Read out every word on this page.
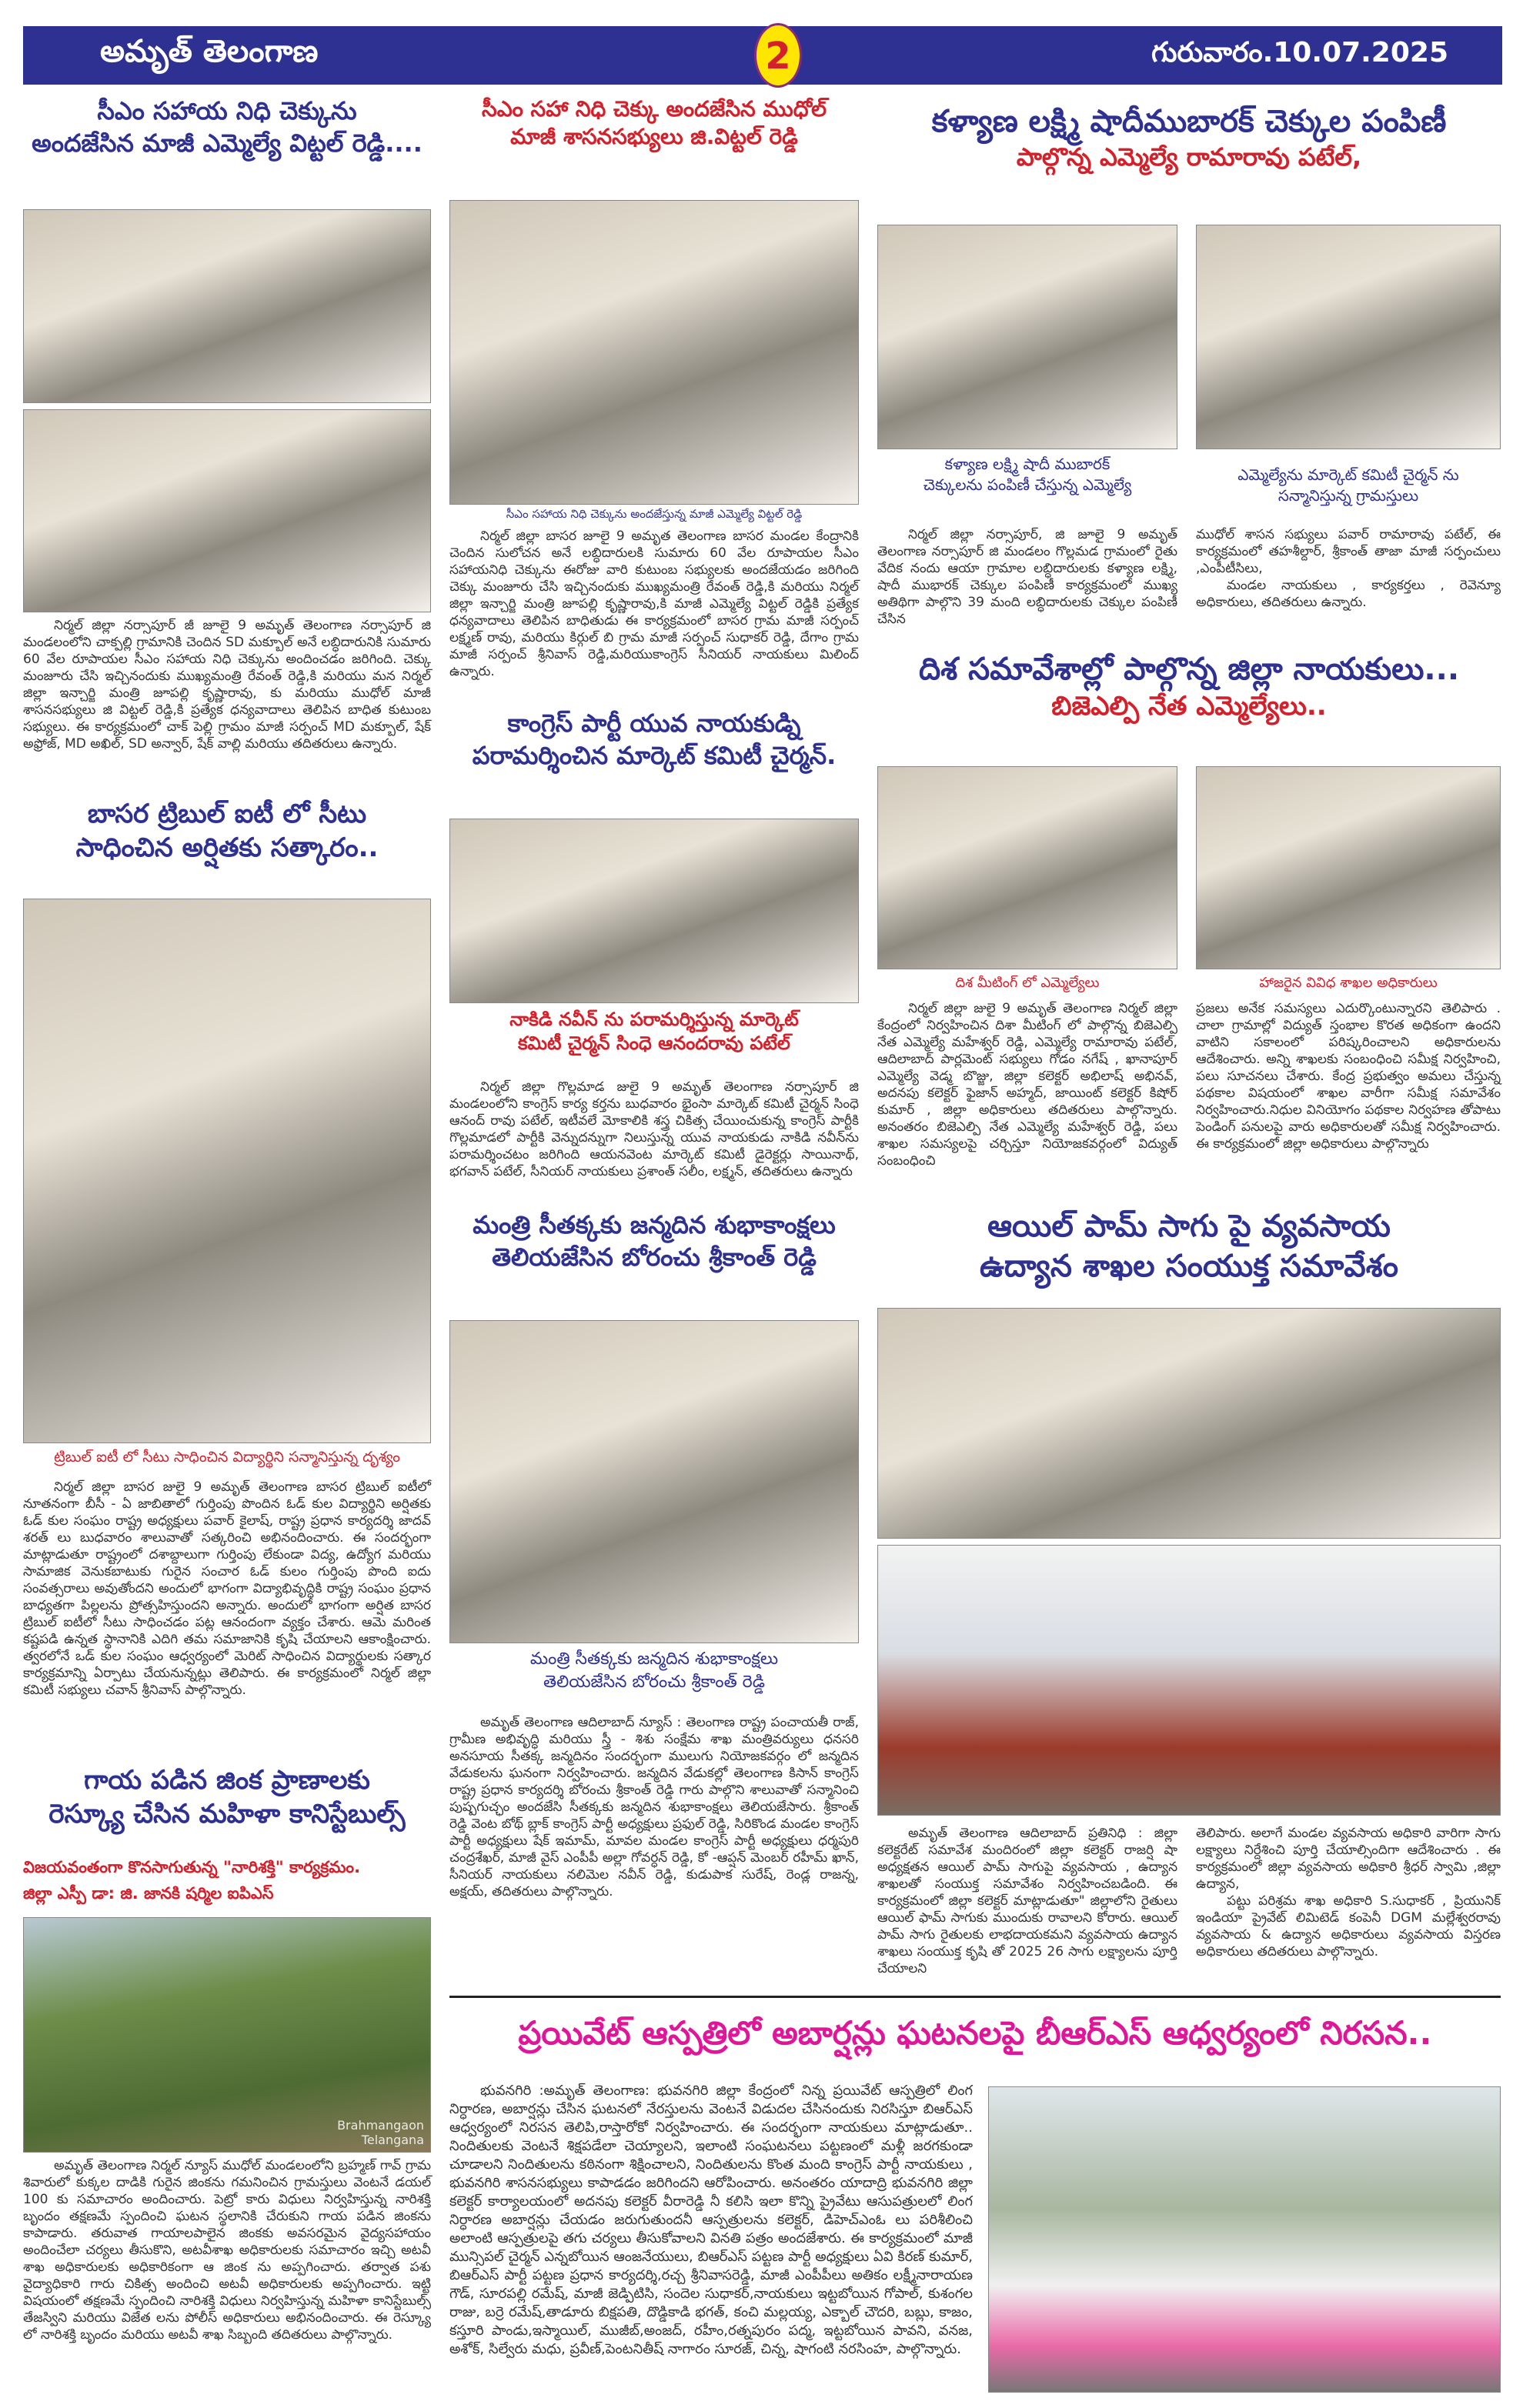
అమృత్ తెలంగాణ	2	గురువారం.10.07.2025
సీఎం సహాయ నిధి చెక్కును
అందజేసిన మాజీ ఎమ్మెల్యే విట్టల్ రెడ్డి....
నిర్మల్ జిల్లా నర్సాపూర్ జీ జూలై 9 అమృత్ తెలంగాణ నర్సాపూర్ జి మండలంలోని చాక్పల్లి గ్రామానికి చెందిన SD మక్బూల్ అనే లబ్ధిదారునికి సుమారు 60 వేల రూపాయల సీఎం సహాయ నిధి చెక్కును అందించడం జరిగింది. చెక్కు మంజూరు చేసి ఇచ్చినందుకు ముఖ్యమంత్రి రేవంత్ రెడ్డి,కి మరియు మన నిర్మల్ జిల్లా ఇన్చార్జి మంత్రి జూపల్లి కృష్ణారావు, కు మరియు ముధోల్ మాజీ శాసనసభ్యులు జి విట్టల్ రెడ్డి,కి ప్రత్యేక ధన్యవాదాలు తెలిపిన బాధిత కుటుంబ సభ్యులు. ఈ కార్యక్రమంలో చాక్ పెల్లి గ్రామం మాజీ సర్పంచ్ MD మక్బూల్, షేక్ అఫ్రోజ్, MD అఖిల్, SD అన్వార్, షేక్ వాల్లి మరియు తదితరులు ఉన్నారు.
బాసర ట్రిబుల్ ఐటీ లో సీటు
సాధించిన అర్షితకు సత్కారం..
ట్రిబుల్ ఐటీ లో సీటు సాధించిన విద్యార్థిని సన్మానిస్తున్న దృశ్యం
నిర్మల్ జిల్లా బాసర జులై 9 అమృత్ తెలంగాణ బాసర ట్రిబుల్ ఐటీలో నూతనంగా బీసీ - ఏ జాబితాలో గుర్తింపు పొందిన ఓడ్ కుల విద్యార్థిని అర్షితకు ఓడ్ కుల సంఘం రాష్ట్ర అధ్యక్షులు పవార్ కైలాష్, రాష్ట్ర ప్రధాన కార్యదర్శి జాదవ్ శరత్ లు బుధవారం శాలువాతో సత్కరించి అభినందించారు. ఈ సందర్భంగా మాట్లాడుతూ రాష్ట్రంలో దశాబ్దాలుగా గుర్తింపు లేకుండా విద్య, ఉద్యోగ మరియు సామాజిక వెనుకబాటుకు గురైన సంచార ఓడ్ కులం గుర్తింపు పొంది ఐదు సంవత్సరాలు అవుతోందని అందులో భాగంగా విద్యాభివృద్ధికి రాష్ట్ర సంఘం ప్రధాన బాధ్యతగా పిల్లలను ప్రోత్సహిస్తుందని అన్నారు. అందులో భాగంగా అర్షిత బాసర ట్రిబుల్ ఐటీలో సీటు సాధించడం పట్ల ఆనందంగా వ్యక్తం చేశారు. ఆమె మరింత కష్టపడి ఉన్నత స్థానానికి ఎదిగి తమ సమాజానికి కృషి చేయాలని ఆకాంక్షించారు. త్వరలోనే ఒడ్ కుల సంఘం ఆధ్వర్యంలో మెరిట్ సాధించిన విద్యార్థులకు సత్కార కార్యక్రమాన్ని ఏర్పాటు చేయనున్నట్లు తెలిపారు. ఈ కార్యక్రమంలో నిర్మల్ జిల్లా కమిటీ సభ్యులు చవాన్ శ్రీనివాస్ పాల్గొన్నారు.
గాయ పడిన జింక ప్రాణాలకు
రెస్క్యూ చేసిన మహిళా కానిస్టేబుల్స్
విజయవంతంగా కొనసాగుతున్న "నారిశక్తి" కార్యక్రమం.
జిల్లా ఎస్పీ డా: జి. జానకి షర్మిల ఐపిఎస్
Brahmangaon
Telangana
అమృత్ తెలంగాణ నిర్మల్ న్యూస్ ముధోల్ మండలంలోని బ్రహ్మణ్ గావ్ గ్రామ శివారులో కుక్కల దాడికి గురైన జింకను గమనించిన గ్రామస్తులు వెంటనే డయల్ 100 కు సమాచారం అందించారు. పెట్రో కారు విధులు నిర్వహిస్తున్న నారిశక్తి బృందం తక్షణమే స్పందించి ఘటన స్థలానికి చేరుకుని గాయ పడిన జింకను కాపాడారు. తరువాత గాయాలపాలైన జింకకు అవసరమైన వైద్యసహాయం అందించేలా చర్యలు తీసుకొని, అటవీశాఖ అధికారులకు సమాచారం ఇచ్చి అటవీ శాఖ అధికారులకు అధికారికంగా ఆ జింక ను అప్పగించారు. తర్వాత పశు వైద్యాధికారి గారు చికిత్స అందించి అటవీ అధికారులకు అప్పగించారు. ఇట్టి విషయంలో తక్షణమే స్పందించి నారిశక్తి విధులు నిర్వహిస్తున్న మహిళా కానిస్టేబుల్స్ తేజస్విని మరియు విజేత లను పోలీస్ అధికారులు అభినందించారు. ఈ రెస్క్యూ లో నారిశక్తి బృందం మరియు అటవీ శాఖ సిబ్బంది తదితరులు పాల్గొన్నారు.
సీఎం సహా నిధి చెక్కు అందజేసిన ముధోల్
మాజీ శాసనసభ్యులు జి.విట్టల్ రెడ్డి
సీఎం సహాయ నిధి చెక్కును అందజేస్తున్న మాజీ ఎమ్మెల్యే విట్టల్ రెడ్డి
నిర్మల్ జిల్లా బాసర జూలై 9 అమృత తెలంగాణ బాసర మండల కేంద్రానికి చెందిన సులోచన అనే లబ్ధిదారులకి సుమారు 60 వేల రూపాయల సీఎం సహాయనిధి చెక్కును ఈరోజు వారి కుటుంబ సభ్యులకు అందజేయడం జరిగింది చెక్కు మంజూరు చేసి ఇచ్చినందుకు ముఖ్యమంత్రి రేవంత్ రెడ్డి,కి మరియు నిర్మల్ జిల్లా ఇన్చార్జి మంత్రి జూపల్లి కృష్ణారావు,కి మాజీ ఎమ్మెల్యే విట్టల్ రెడ్డికి ప్రత్యేక ధన్యవాదాలు తెలిపిన బాధితుడు ఈ కార్యక్రమంలో బాసర గ్రామ మాజీ సర్పంచ్ లక్ష్మణ్ రావు, మరియు కిర్గుల్ బి గ్రామ మాజీ సర్పంచ్ సుధాకర్ రెడ్డి, దేగాం గ్రామ మాజీ సర్పంచ్ శ్రీనివాస్ రెడ్డి,మరియుకాంగ్రెస్ సీనియర్ నాయకులు మిలింద్ ఉన్నారు.
కాంగ్రెస్ పార్టీ యువ నాయకుడ్ని
పరామర్శించిన మార్కెట్ కమిటీ చైర్మన్.
నాకిడి నవీన్ ను పరామర్శిస్తున్న మార్కెట్
కమిటీ చైర్మన్ సింధె ఆనందరావు పటేల్
నిర్మల్ జిల్లా గొల్లమాడ జులై 9 అమృత్ తెలంగాణ నర్సాపూర్ జి మండలంలోని కాంగ్రెస్ కార్య కర్తను బుధవారం భైంసా మార్కెట్ కమిటీ చైర్మన్ సింధె ఆనంద్ రావు పటేల్, ఇటీవలే మోకాలికి శస్త్ర చికిత్స చేయించుకున్న కాంగ్రెస్ పార్టీకి గొల్లమాడలో పార్టీకి వెన్నుదన్నుగా నిలుస్తున్న యువ నాయకుడు నాకిడి నవీన్‌ను పరామర్శించటం జరిగింది ఆయనవెంట మార్కెట్ కమిటీ డైరెక్టర్లు సాయినాథ్, భగవాన్ పటేల్, సీనియర్ నాయకులు ప్రశాంత్ సలీం, లక్ష్మన్, తదితరులు ఉన్నారు
మంత్రి సీతక్కకు జన్మదిన శుభాకాంక్షలు
తెలియజేసిన బోరంచు శ్రీకాంత్ రెడ్డి
మంత్రి సీతక్కకు జన్మదిన శుభాకాంక్షలు
తెలియజేసిన బోరంచు శ్రీకాంత్ రెడ్డి
అమృత్ తెలంగాణ ఆదిలాబాద్ న్యూస్ : తెలంగాణ రాష్ట్ర పంచాయతీ రాజ్, గ్రామీణ అభివృద్ధి మరియు స్త్రీ - శిశు సంక్షేమ శాఖ మంత్రివర్యులు ధనసరి అనసూయ సీతక్క జన్మదినం సందర్భంగా ములుగు నియోజకవర్గం లో జన్మదిన వేడుకలను ఘనంగా నిర్వహించారు. జన్మదిన వేడుకల్లో తెలంగాణ కిసాన్ కాంగ్రెస్ రాష్ట్ర ప్రధాన కార్యదర్శి బోరంచు శ్రీకాంత్ రెడ్డి గారు పాల్గొని శాలువాతో సన్మానించి పుష్పగుచ్ఛం అందజేసి సీతక్కకు జన్మదిన శుభాకాంక్షలు తెలియజేసారు. శ్రీకాంత్ రెడ్డి వెంట బోథ్ బ్లాక్ కాంగ్రెస్ పార్టీ అధ్యక్షులు ప్రఫుల్ రెడ్డి, సిరికొండ మండల కాంగ్రెస్ పార్టీ అధ్యక్షులు షేక్ ఇమామ్, మావల మండల కాంగ్రెస్ పార్టీ అధ్యక్షులు ధర్మపురి చంద్రశేఖర్, మాజీ వైస్ ఎంపీపీ అల్లా గోవర్ధన్ రెడ్డి, కో -ఆప్షన్ మెంబర్ రహీమ్ ఖాన్, సీనియర్ నాయకులు నలిమెల నవీన్ రెడ్డి, కుడుపాక సురేష్, రెండ్ల రాజన్న, అక్షయ్, తదితరులు పాల్గొన్నారు.
కళ్యాణ లక్ష్మి షాదీముబారక్ చెక్కుల పంపిణీ
పాల్గొన్న ఎమ్మెల్యే రామారావు పటేల్,
కళ్యాణ లక్ష్మి షాదీ ముబారక్
చెక్కులను పంపిణీ చేస్తున్న ఎమ్మెల్యే
ఎమ్మెల్యేను మార్కెట్ కమిటీ చైర్మన్ ను
సన్మానిస్తున్న గ్రామస్తులు
నిర్మల్ జిల్లా నర్సాపూర్, జి జూలై 9 అమృత్ తెలంగాణ నర్సాపూర్ జి మండలం గొల్లమడ గ్రామంలో రైతు వేదిక నందు ఆయా గ్రామాల లబ్ధిదారులకు కళ్యాణ లక్ష్మి, షాదీ ముభారక్ చెక్కుల పంపిణీ కార్యక్రమంలో ముఖ్య అతిథిగా పాల్గొని 39 మంది లబ్ధిదారులకు చెక్కుల పంపిణీ చేసిన
ముధోల్ శాసన సభ్యులు పవార్ రామారావు పటేల్, ఈ కార్యక్రమంలో తహశీల్దార్, శ్రీకాంత్ తాజా మాజీ సర్పంచులు ,ఎంపీటీసిలు,
మండల నాయకులు , కార్యకర్తలు , రెవెన్యూ అధికారులు, తదితరులు ఉన్నారు.
దిశ సమావేశాల్లో పాల్గొన్న జిల్లా నాయకులు...
బిజెఎల్పి నేత ఎమ్మెల్యేలు..
దిశ మీటింగ్ లో ఎమ్మెల్యేలు	హాజరైన వివిధ శాఖల అధికారులు
నిర్మల్ జిల్లా జులై 9 అమృత్ తెలంగాణ నిర్మల్ జిల్లా కేంద్రంలో నిర్వహించిన దిశా మీటింగ్ లో పాల్గొన్న బిజెఎల్పి నేత ఎమ్మెల్యే మహేశ్వర్ రెడ్డి, ఎమ్మెల్యే రామారావు పటేల్, ఆదిలాబాద్ పార్లమెంట్ సభ్యులు గోడం నగేష్ , ఖానాపూర్ ఎమ్మెల్యే వెడ్మ బొజ్జు, జిల్లా కలెక్టర్ అభిలాష్ అభినవ్, అదనపు కలెక్టర్ ఫైజాన్ అహ్మద్, జాయింట్ కలెక్టర్ కిషోర్ కుమార్ , జిల్లా అధికారులు తదితరులు పాల్గొన్నారు. అనంతరం బిజెఎల్పి నేత ఎమ్మెల్యే మహేశ్వర్ రెడ్డి, పలు శాఖల సమస్యలపై చర్చిస్తూ నియోజకవర్గంలో విద్యుత్ సంబంధించి
ప్రజలు అనేక సమస్యలు ఎదుర్కొంటున్నారని తెలిపారు . చాలా గ్రామాల్లో విద్యుత్ స్తంభాల కొరత అధికంగా ఉందని వాటిని సకాలంలో పరిష్కరించాలని అధికారులను ఆదేశించారు. అన్ని శాఖలకు సంబంధించి సమీక్ష నిర్వహించి, పలు సూచనలు చేశారు. కేంద్ర ప్రభుత్వం అమలు చేస్తున్న పథకాల విషయంలో శాఖల వారీగా సమీక్ష సమావేశం నిర్వహించారు.నిధుల వినియోగం పథకాల నిర్వహణ తోపాటు పెండింగ్ పనులపై వారు అధికారులతో సమీక్ష నిర్వహించారు. ఈ కార్యక్రమంలో జిల్లా అధికారులు పాల్గొన్నారు
ఆయిల్ పామ్ సాగు పై వ్యవసాయ
ఉద్యాన శాఖల సంయుక్త సమావేశం
అమృత్ తెలంగాణ ఆదిలాబాద్ ప్రతినిధి : జిల్లా కలెక్టరేట్ సమావేశ మందిరంలో జిల్లా కలెక్టర్ రాజర్షి షా అధ్యక్షతన ఆయిల్ పామ్ సాగుపై వ్యవసాయ , ఉద్యాన శాఖలతో సంయుక్త సమావేశం నిర్వహించబడింది. ఈ కార్యక్రమంలో జిల్లా కలెక్టర్ మాట్లాడుతూ" జిల్లాలోని రైతులు ఆయిల్ ఫామ్ సాగుకు ముందుకు రావాలని కోరారు. ఆయిల్ పామ్ సాగు రైతులకు లాభదాయకమని వ్యవసాయ ఉద్యాన శాఖలు సంయుక్త కృషి తో 2025 26 సాగు లక్ష్యాలను పూర్తి చేయాలని
తెలిపారు. అలాగే మండల వ్యవసాయ అధికారి వారిగా సాగు లక్ష్యాలు నిర్దేశించి పూర్తి చేయాల్సిందిగా ఆదేశించారు . ఈ కార్యక్రమంలో జిల్లా వ్యవసాయ అధికారి శ్రీధర్ స్వామి ,జిల్లా ఉద్యాన,
పట్టు పరిశ్రమ శాఖ అధికారి S.సుధాకర్ , ప్రియునిక్ ఇండియా ప్రైవేట్ లిమిటెడ్ కంపెనీ DGM మల్లేశ్వరరావు వ్యవసాయ & ఉద్యాన అధికారులు వ్యవసాయ విస్తరణ అధికారులు తదితరులు పాల్గొన్నారు.
ప్రయివేట్ ఆస్పత్రిలో అబార్షన్లు ఘటనలపై బీఆర్ఎస్ ఆధ్వర్యంలో నిరసన..
భువనగిరి :అమృత్ తెలంగాణ: భువనగిరి జిల్లా కేంద్రంలో నిన్న ప్రయివేట్ ఆస్పత్రిలో లింగ నిర్ధారణ, అబార్షన్లు చేసిన ఘటనలో నేరస్తులను వెంటనే విడుదల చేసినందుకు నిరసిస్తూ బిఆర్ఎస్ ఆధ్వర్యంలో నిరసన తెలిపి,రాస్తారోకో నిర్వహించారు. ఈ సందర్భంగా నాయకులు మాట్లాడుతూ.. నిందితులకు వెంటనే శిక్షపడేలా చెయ్యాలని, ఇలాంటి సంఘటనలు పట్టణంలో మళ్లీ జరగకుండా చూడాలని నిందితులను కఠినంగా శిక్షించాలని, నిందితులను కొంత మంది కాంగ్రెస్ పార్టీ నాయకులు , భువనగిరి శాసనసభ్యులు కాపాడడం జరిగిందని ఆరోపించారు. అనంతరం యాదాద్రి భువనగిరి జిల్లా కలెక్టర్ కార్యాలయంలో అదనపు కలెక్టర్ వీరారెడ్డి నీ కలిసి ఇలా కొన్ని ప్రైవేటు ఆసుపత్రులలో లింగ నిర్ధారణ అబార్షన్లు చేయడం జరుగుతుందనీ ఆస్పత్రులను కలెక్టర్, డిహెచ్ఎంఓ లు పరిశీలించి అలాంటి ఆస్పత్రులపై తగు చర్యలు తీసుకోవాలని వినతి పత్రం అందజేశారు. ఈ కార్యక్రమంలో మాజీ మున్సిపల్ చైర్మన్ ఎన్నబోయిన ఆంజనేయులు, బిఆర్ఎస్ పట్టణ పార్టీ అధ్యక్షులు ఏవి కిరణ్ కుమార్, బిఆర్ఎస్ పార్టీ పట్టణ ప్రధాన కార్యదర్శి,రచ్చ శ్రీనివాసరెడ్డి, మాజీ ఎంపీపీలు అతికం లక్ష్మీనారాయణ గౌడ్, సూరపల్లి రమేష్, మాజీ జెడ్పిటిసి, సందెల సుధాకర్,నాయకులు ఇట్టబోయిన గోపాల్, కుశంగల రాజు, బర్రె రమేష్,తాడూరు బిక్షపతి, దొడ్డికాడి భగత్, కంచి మల్లయ్య, ఎక్బాల్ చౌదరి, బబ్లు, కాజం, కస్తూరి పాండు,ఇస్మాయిల్, ముజీబ్,అంజద్, రహీం,రత్నపురం పద్మ, ఇట్టబోయిన పావని, వనజ, అశోక్, సిల్వేరు మధు, ప్రవీణ్,పెంటనితీష్ నాగారం సూరజ్, చిన్న, షాగంటి నరసింహ, పాల్గొన్నారు.
